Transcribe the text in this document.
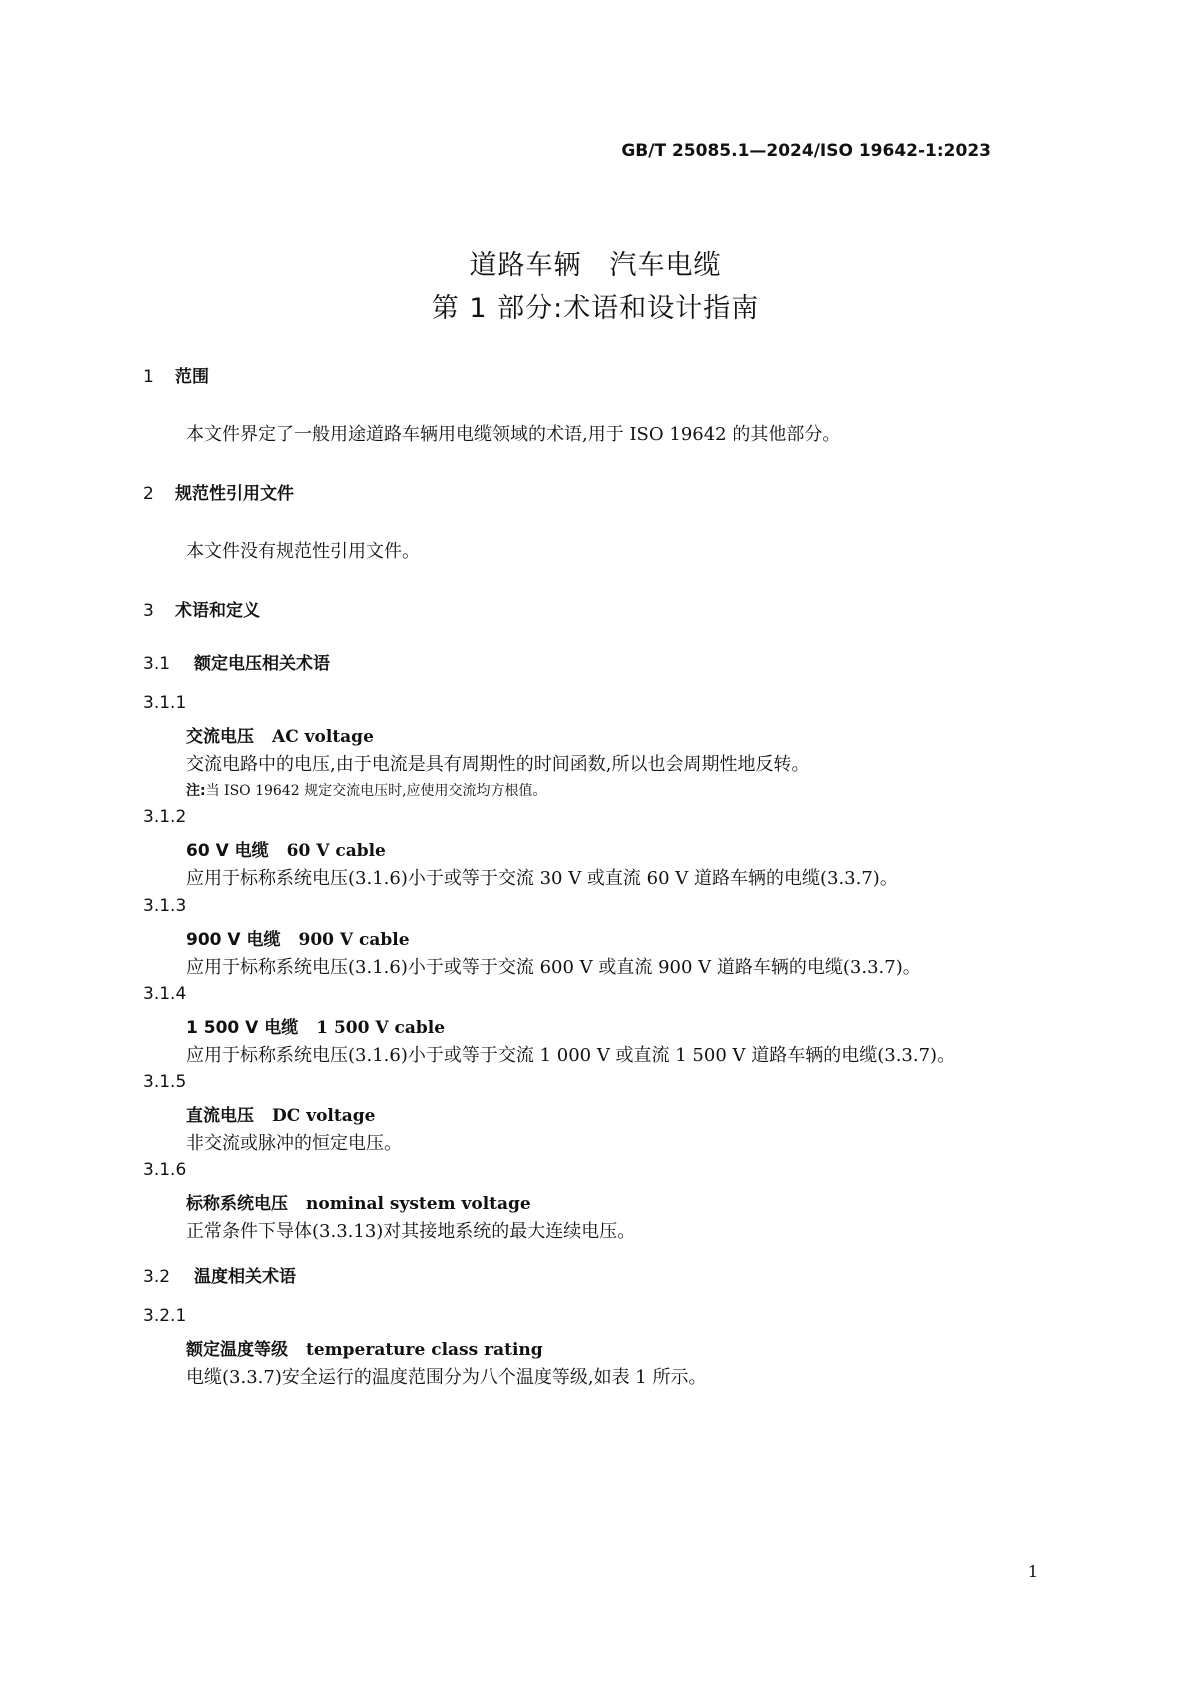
GB/T 25085.1—2024/ISO 19642-1:2023
道路车辆　汽车电缆
第 1 部分:术语和设计指南
1 范围
本文件界定了一般用途道路车辆用电缆领域的术语,用于 ISO 19642 的其他部分。
2 规范性引用文件
本文件没有规范性引用文件。
3 术语和定义
3.1 额定电压相关术语
3.1.1
交流电压 AC voltage
交流电路中的电压,由于电流是具有周期性的时间函数,所以也会周期性地反转。
注:当 ISO 19642 规定交流电压时,应使用交流均方根值。
3.1.2
60 V 电缆 60 V cable
应用于标称系统电压(3.1.6)小于或等于交流 30 V 或直流 60 V 道路车辆的电缆(3.3.7)。
3.1.3
900 V 电缆 900 V cable
应用于标称系统电压(3.1.6)小于或等于交流 600 V 或直流 900 V 道路车辆的电缆(3.3.7)。
3.1.4
1 500 V 电缆 1 500 V cable
应用于标称系统电压(3.1.6)小于或等于交流 1 000 V 或直流 1 500 V 道路车辆的电缆(3.3.7)。
3.1.5
直流电压 DC voltage
非交流或脉冲的恒定电压。
3.1.6
标称系统电压 nominal system voltage
正常条件下导体(3.3.13)对其接地系统的最大连续电压。
3.2 温度相关术语
3.2.1
额定温度等级 temperature class rating
电缆(3.3.7)安全运行的温度范围分为八个温度等级,如表 1 所示。
1
